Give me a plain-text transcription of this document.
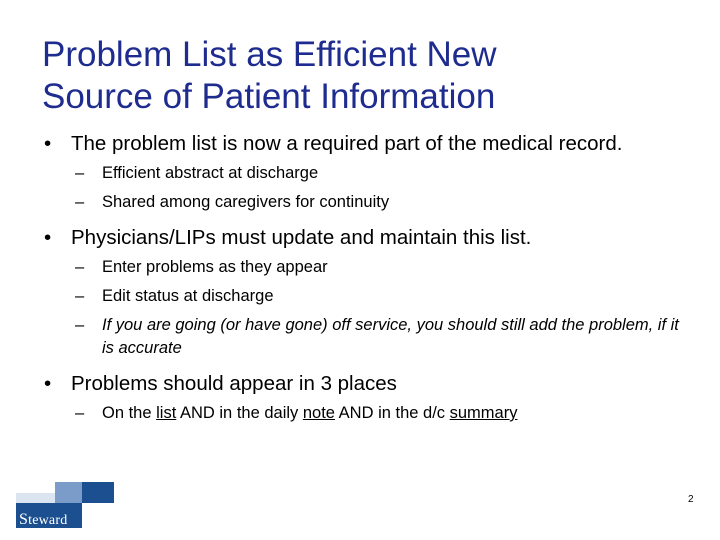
Problem List as Efficient New
Source of Patient Information
• The problem list is now a required part of the medical record.
– Efficient abstract at discharge
– Shared among caregivers for continuity
• Physicians/LIPs must update and maintain this list.
– Enter problems as they appear
– Edit status at discharge
– If you are going (or have gone) off service, you should still add the problem, if it is accurate
• Problems should appear in 3 places
– On the list AND in the daily note AND in the d/c summary
Steward
2
